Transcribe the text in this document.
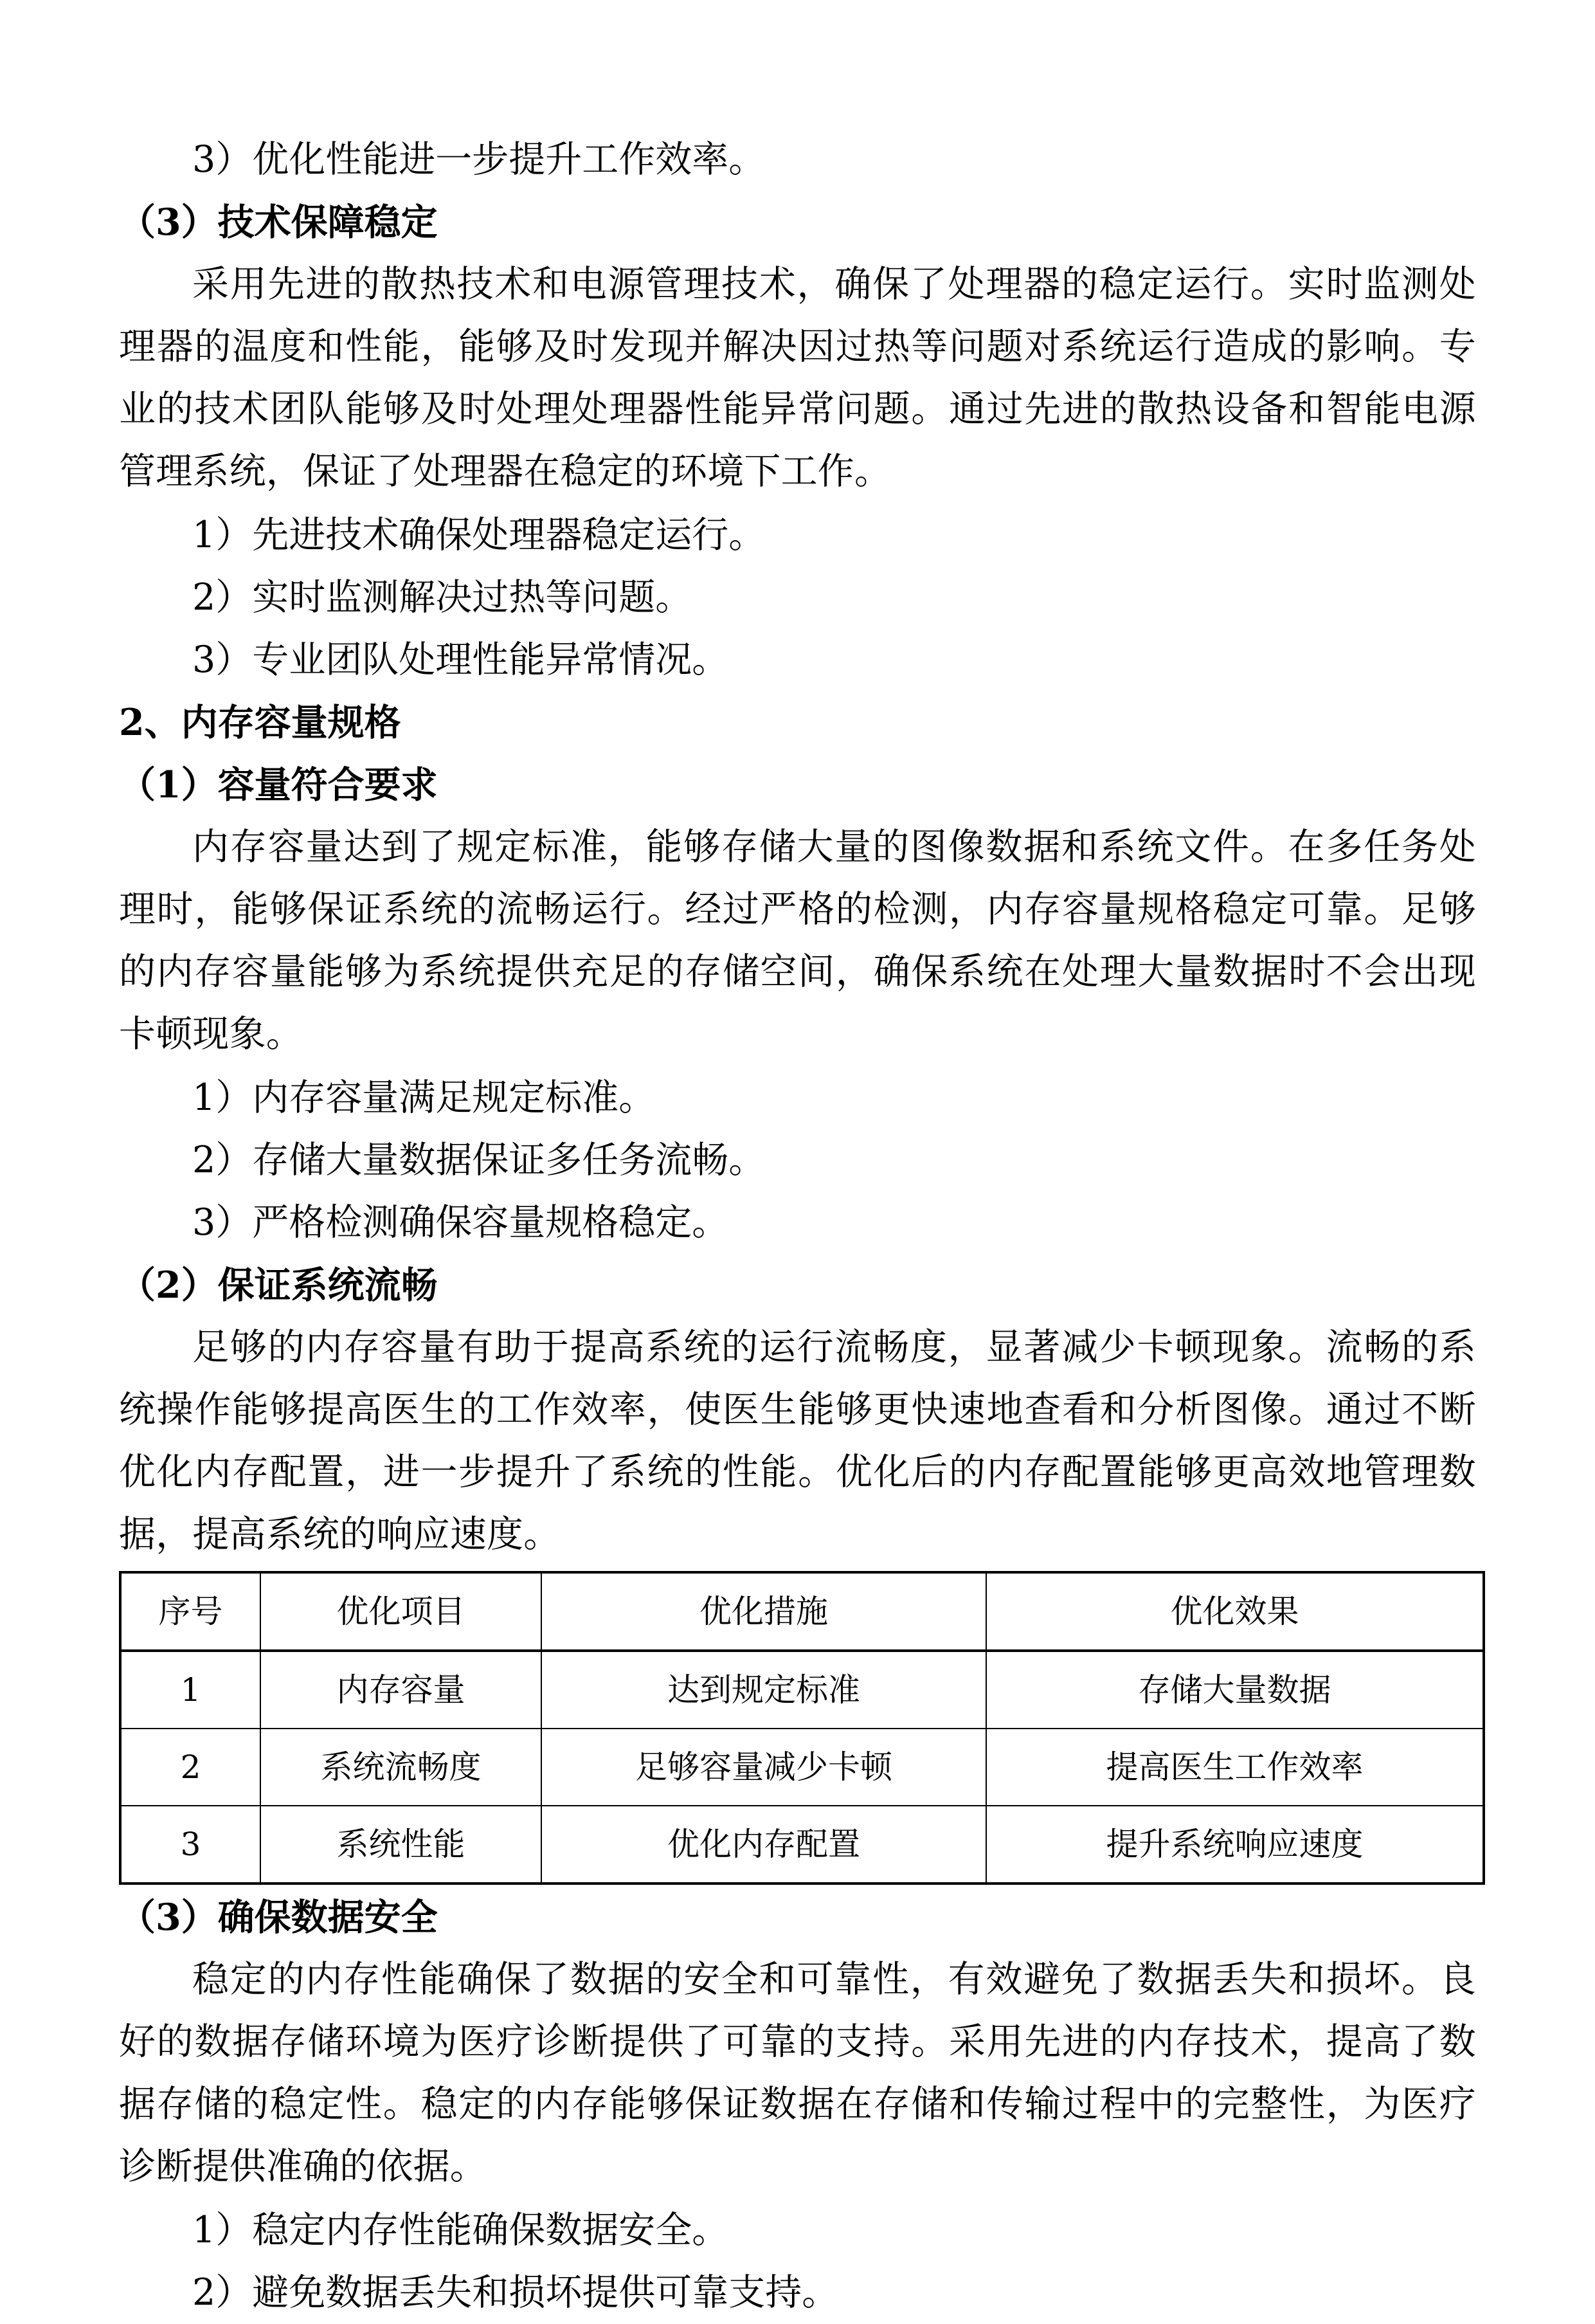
3）优化性能进一步提升工作效率。

（3）技术保障稳定

采用先进的散热技术和电源管理技术，确保了处理器的稳定运行。实时监测处理器的温度和性能，能够及时发现并解决因过热等问题对系统运行造成的影响。专业的技术团队能够及时处理处理器性能异常问题。通过先进的散热设备和智能电源管理系统，保证了处理器在稳定的环境下工作。

1）先进技术确保处理器稳定运行。

2）实时监测解决过热等问题。

3）专业团队处理性能异常情况。

2、内存容量规格

（1）容量符合要求

内存容量达到了规定标准，能够存储大量的图像数据和系统文件。在多任务处理时，能够保证系统的流畅运行。经过严格的检测，内存容量规格稳定可靠。足够的内存容量能够为系统提供充足的存储空间，确保系统在处理大量数据时不会出现卡顿现象。

1）内存容量满足规定标准。

2）存储大量数据保证多任务流畅。

3）严格检测确保容量规格稳定。

（2）保证系统流畅

足够的内存容量有助于提高系统的运行流畅度，显著减少卡顿现象。流畅的系统操作能够提高医生的工作效率，使医生能够更快速地查看和分析图像。通过不断优化内存配置，进一步提升了系统的性能。优化后的内存配置能够更高效地管理数据，提高系统的响应速度。

序号	优化项目	优化措施	优化效果
1	内存容量	达到规定标准	存储大量数据
2	系统流畅度	足够容量减少卡顿	提高医生工作效率
3	系统性能	优化内存配置	提升系统响应速度

（3）确保数据安全

稳定的内存性能确保了数据的安全和可靠性，有效避免了数据丢失和损坏。良好的数据存储环境为医疗诊断提供了可靠的支持。采用先进的内存技术，提高了数据存储的稳定性。稳定的内存能够保证数据在存储和传输过程中的完整性，为医疗诊断提供准确的依据。

1）稳定内存性能确保数据安全。

2）避免数据丢失和损坏提供可靠支持。
